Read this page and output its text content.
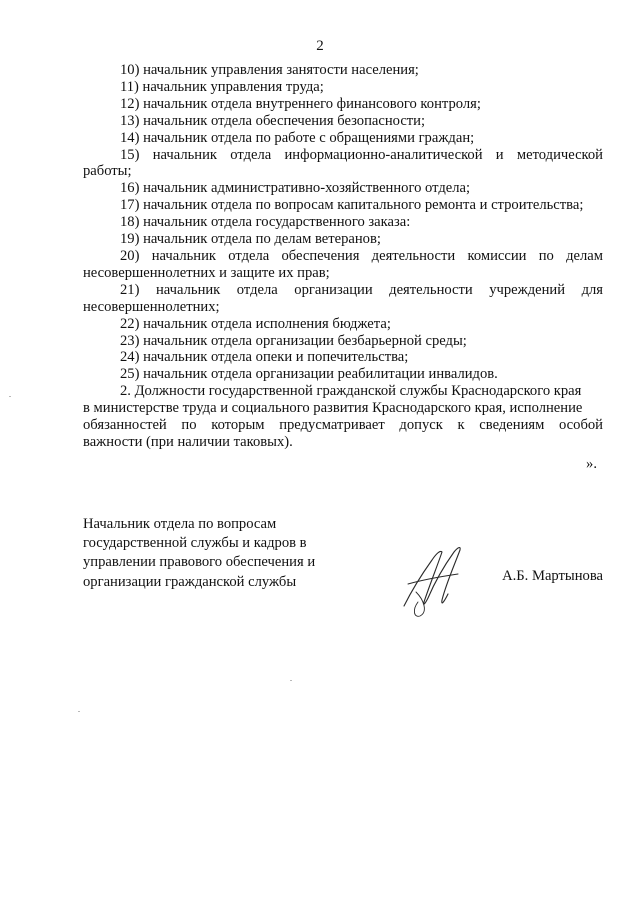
2
10) начальник управления занятости населения;
11) начальник управления труда;
12) начальник отдела внутреннего финансового контроля;
13) начальник отдела обеспечения безопасности;
14) начальник отдела по работе с обращениями граждан;
15) начальник отдела информационно-аналитической и методической
работы;
16) начальник административно-хозяйственного отдела;
17) начальник отдела по вопросам капитального ремонта и строительства;
18) начальник отдела государственного заказа:
19) начальник отдела по делам ветеранов;
20) начальник отдела обеспечения деятельности комиссии по делам
несовершеннолетних и защите их прав;
21) начальник отдела организации деятельности учреждений для
несовершеннолетних;
22) начальник отдела исполнения бюджета;
23) начальник отдела организации безбарьерной среды;
24) начальник отдела опеки и попечительства;
25) начальник отдела организации реабилитации инвалидов.
2. Должности государственной гражданской службы Краснодарского края
в министерстве труда и социального развития Краснодарского края, исполнение
обязанностей по которым предусматривает допуск к сведениям особой
важности (при наличии таковых).
».
Начальник отдела по вопросам
государственной службы и кадров в
управлении правового обеспечения и
организации гражданской службы	А.Б. Мартынова
